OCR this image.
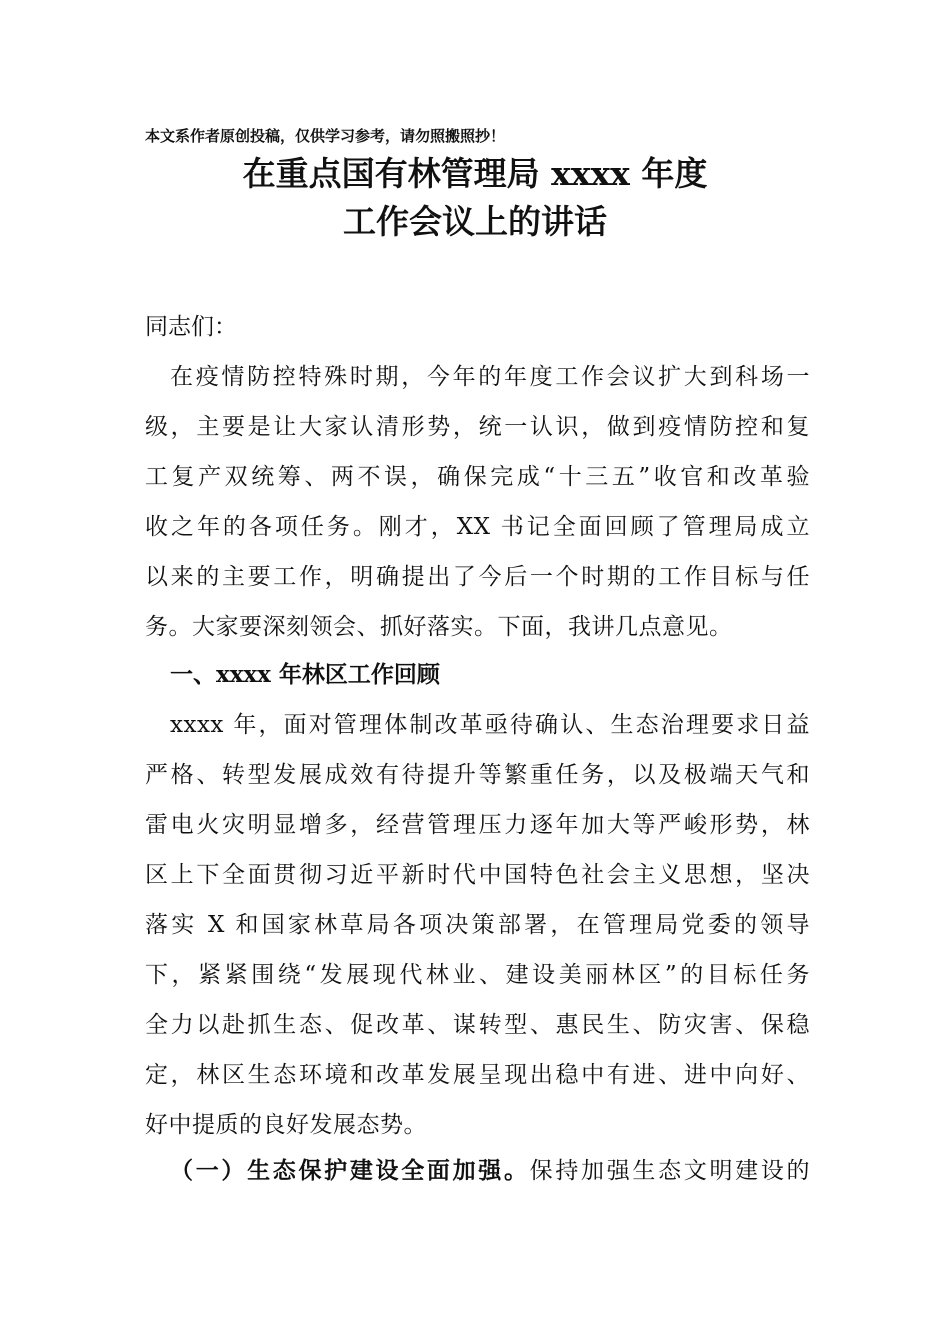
本文系作者原创投稿，仅供学习参考，请勿照搬照抄！
在重点国有林管理局 xxxx 年度
工作会议上的讲话
同志们：
在疫情防控特殊时期，今年的年度工作会议扩大到科场一
级，主要是让大家认清形势，统一认识，做到疫情防控和复
工复产双统筹、两不误，确保完成“十三五”收官和改革验
收之年的各项任务。刚才，XX 书记全面回顾了管理局成立
以来的主要工作，明确提出了今后一个时期的工作目标与任
务。大家要深刻领会、抓好落实。下面，我讲几点意见。
一、xxxx 年林区工作回顾
xxxx 年，面对管理体制改革亟待确认、生态治理要求日益
严格、转型发展成效有待提升等繁重任务，以及极端天气和
雷电火灾明显增多，经营管理压力逐年加大等严峻形势，林
区上下全面贯彻习近平新时代中国特色社会主义思想，坚决
落实 X 和国家林草局各项决策部署，在管理局党委的领导
下，紧紧围绕“发展现代林业、建设美丽林区”的目标任务
全力以赴抓生态、促改革、谋转型、惠民生、防灾害、保稳
定，林区生态环境和改革发展呈现出稳中有进、进中向好、
好中提质的良好发展态势。
（一）生态保护建设全面加强。保持加强生态文明建设的
